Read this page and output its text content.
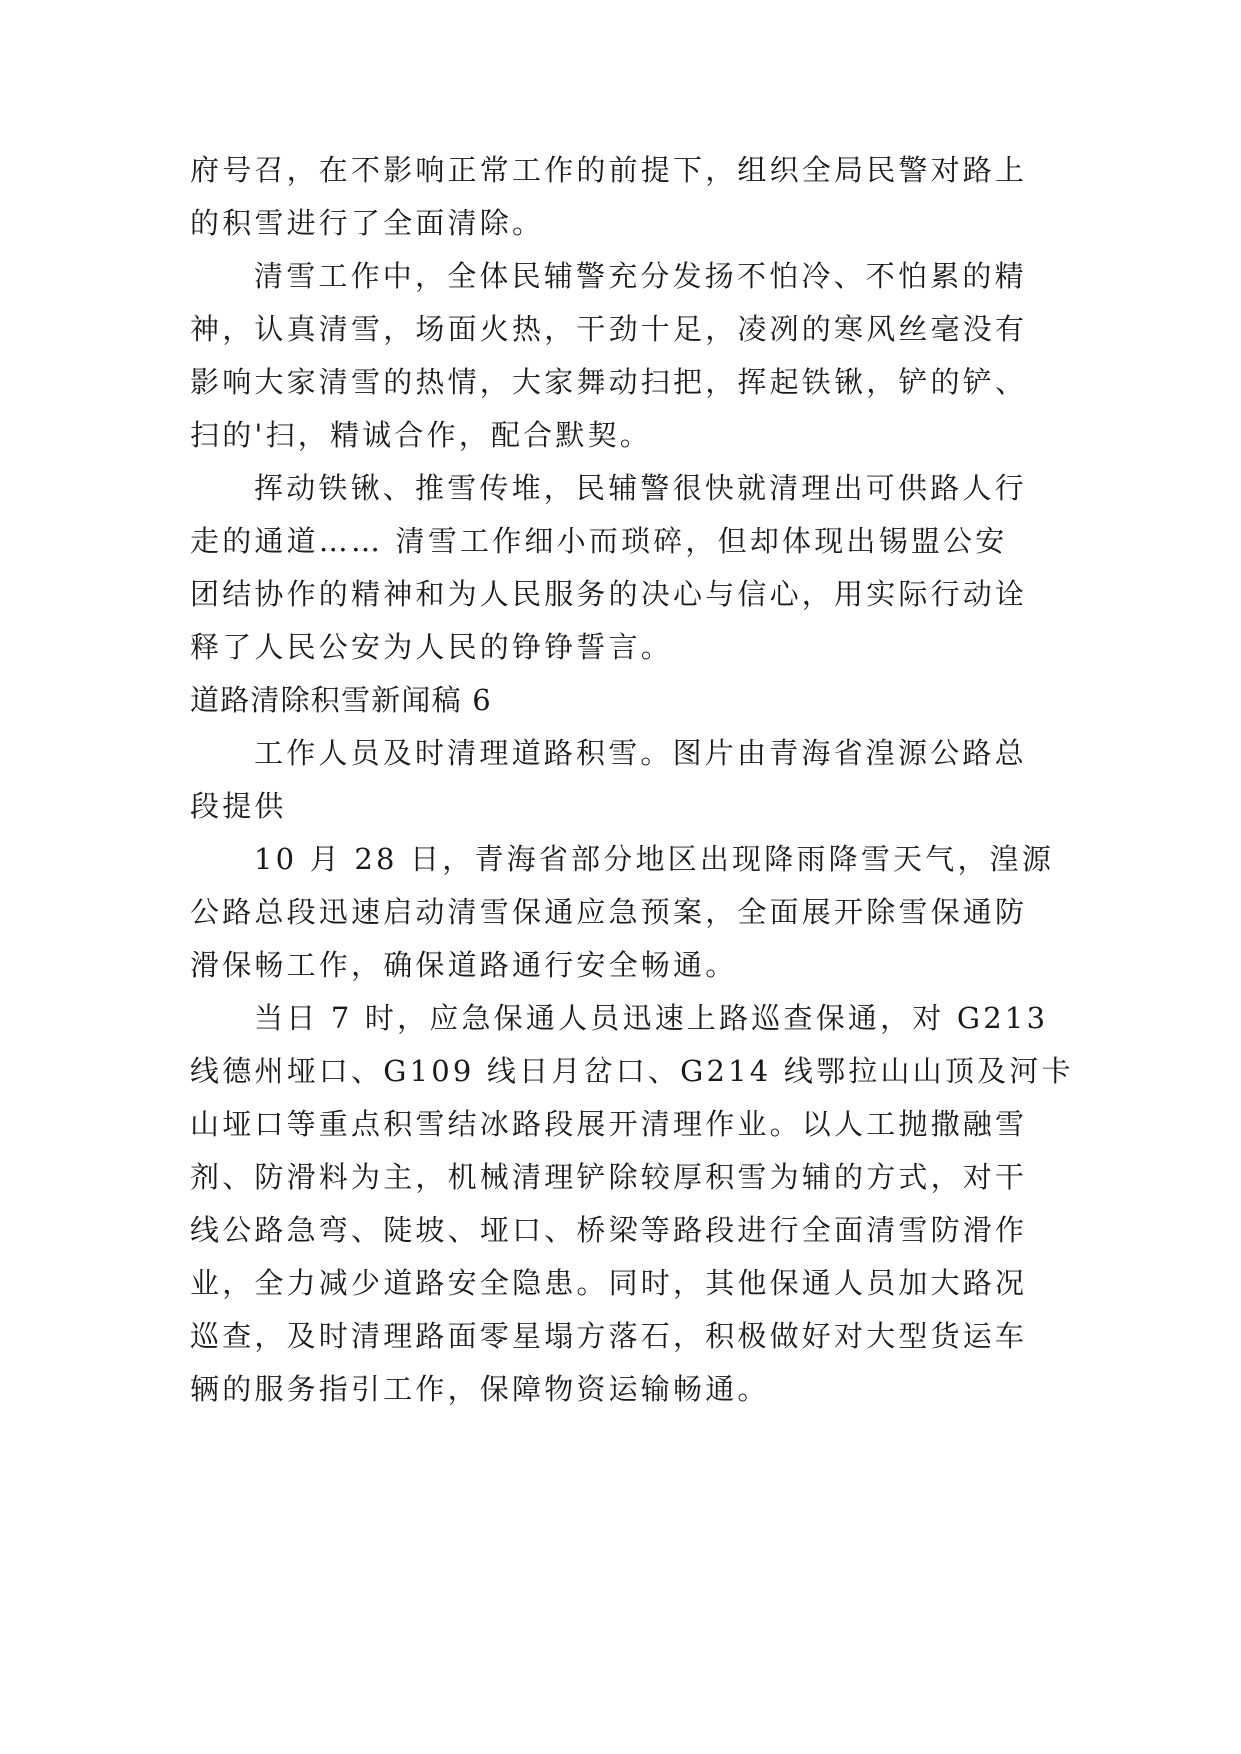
府号召，在不影响正常工作的前提下，组织全局民警对路上
的积雪进行了全面清除。
清雪工作中，全体民辅警充分发扬不怕冷、不怕累的精
神，认真清雪，场面火热，干劲十足，凌冽的寒风丝毫没有
影响大家清雪的热情，大家舞动扫把，挥起铁锹，铲的铲、
扫的'扫，精诚合作，配合默契。
挥动铁锹、推雪传堆，民辅警很快就清理出可供路人行
走的通道…… 清雪工作细小而琐碎，但却体现出锡盟公安
团结协作的精神和为人民服务的决心与信心，用实际行动诠
释了人民公安为人民的铮铮誓言。
道路清除积雪新闻稿 6
工作人员及时清理道路积雪。图片由青海省湟源公路总
段提供
10 月 28 日，青海省部分地区出现降雨降雪天气，湟源
公路总段迅速启动清雪保通应急预案，全面展开除雪保通防
滑保畅工作，确保道路通行安全畅通。
当日 7 时，应急保通人员迅速上路巡查保通，对 G213
线德州垭口、G109 线日月岔口、G214 线鄂拉山山顶及河卡
山垭口等重点积雪结冰路段展开清理作业。以人工抛撒融雪
剂、防滑料为主，机械清理铲除较厚积雪为辅的方式，对干
线公路急弯、陡坡、垭口、桥梁等路段进行全面清雪防滑作
业，全力减少道路安全隐患。同时，其他保通人员加大路况
巡查，及时清理路面零星塌方落石，积极做好对大型货运车
辆的服务指引工作，保障物资运输畅通。
